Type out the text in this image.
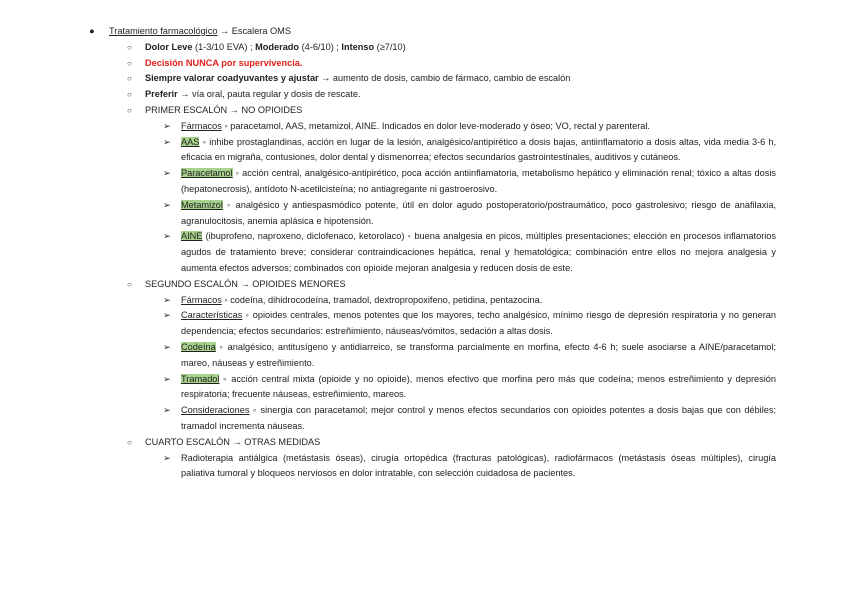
● Tratamiento farmacológico → Escalera OMS
○ Dolor Leve (1-3/10 EVA) ; Moderado (4-6/10) ; Intenso (≥7/10)
○ Decisión NUNCA por supervivencia.
○ Siempre valorar coadyuvantes y ajustar → aumento de dosis, cambio de fármaco, cambio de escalón
○ Preferir → vía oral, pauta regular y dosis de rescate.
○ PRIMER ESCALÓN → NO OPIOIDES
➢ Fármacos ◦ paracetamol, AAS, metamizol, AINE. Indicados en dolor leve-moderado y óseo; VO, rectal y parenteral.
➢ AAS ◦ inhibe prostaglandinas, acción en lugar de la lesión, analgésico/antipirético a dosis bajas, antiinflamatorio a dosis altas, vida media 3-6 h, eficacia en migraña, contusiones, dolor dental y dismenorrea; efectos secundarios gastrointestinales, auditivos y cutáneos.
➢ Paracetamol ◦ acción central, analgésico-antipirético, poca acción antiinflamatoria, metabolismo hepático y eliminación renal; tóxico a altas dosis (hepatonecrosis), antídoto N-acetilcisteína; no antiagregante ni gastroerosivo.
➢ Metamizol ◦ analgésico y antiespasmódico potente, útil en dolor agudo postoperatorio/postraumático, poco gastrolesivo; riesgo de anafilaxia, agranulocitosis, anemia aplásica e hipotensión.
➢ AINE (ibuprofeno, naproxeno, diclofenaco, ketorolaco) ◦ buena analgesia en picos, múltiples presentaciones; elección en procesos inflamatorios agudos de tratamiento breve; considerar contraindicaciones hepática, renal y hematológica; combinación entre ellos no mejora analgesia y aumenta efectos adversos; combinados con opioide mejoran analgesia y reducen dosis de este.
○ SEGUNDO ESCALÓN → OPIOIDES MENORES
➢ Fármacos ◦ codeína, dihidrocodeína, tramadol, dextropropoxifeno, petidina, pentazocina.
➢ Características ◦ opioides centrales, menos potentes que los mayores, techo analgésico, mínimo riesgo de depresión respiratoria y no generan dependencia; efectos secundarios: estreñimiento, náuseas/vómitos, sedación a altas dosis.
➢ Codeína ◦ analgésico, antitusígeno y antidiarreico, se transforma parcialmente en morfina, efecto 4-6 h; suele asociarse a AINE/paracetamol; mareo, náuseas y estreñimiento.
➢ Tramadol ◦ acción central mixta (opioide y no opioide), menos efectivo que morfina pero más que codeína; menos estreñimiento y depresión respiratoria; frecuente náuseas, estreñimiento, mareos.
➢ Consideraciones ◦ sinergia con paracetamol; mejor control y menos efectos secundarios con opioides potentes a dosis bajas que con débiles; tramadol incrementa náuseas.
○ CUARTO ESCALÓN → OTRAS MEDIDAS
➢ Radioterapia antiálgica (metástasis óseas), cirugía ortopédica (fracturas patológicas), radiofármacos (metástasis óseas múltiples), cirugía paliativa tumoral y bloqueos nerviosos en dolor intratable, con selección cuidadosa de pacientes.
